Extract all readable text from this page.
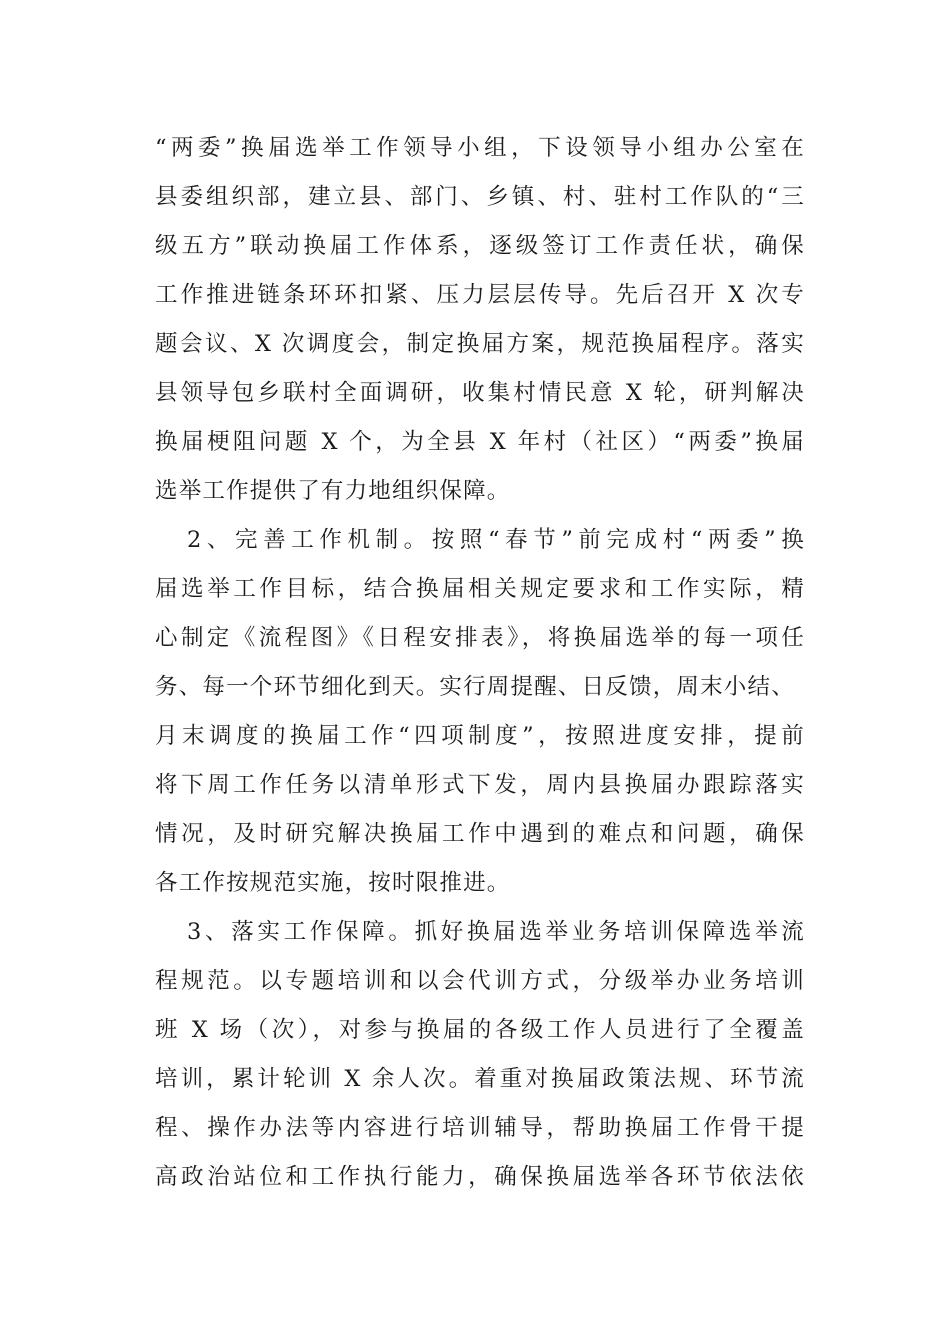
“两委”换届选举工作领导小组，下设领导小组办公室在
县委组织部，建立县、部门、乡镇、村、驻村工作队的“三
级五方”联动换届工作体系，逐级签订工作责任状，确保
工作推进链条环环扣紧、压力层层传导。先后召开 X 次专
题会议、X 次调度会，制定换届方案，规范换届程序。落实
县领导包乡联村全面调研，收集村情民意 X 轮，研判解决
换届梗阻问题 X 个，为全县 X 年村（社区）“两委”换届
选举工作提供了有力地组织保障。
2、完善工作机制。按照“春节”前完成村“两委”换
届选举工作目标，结合换届相关规定要求和工作实际，精
心制定《流程图》《日程安排表》，将换届选举的每一项任
务、每一个环节细化到天。实行周提醒、日反馈，周末小结、
月末调度的换届工作“四项制度”，按照进度安排，提前
将下周工作任务以清单形式下发，周内县换届办跟踪落实
情况，及时研究解决换届工作中遇到的难点和问题，确保
各工作按规范实施，按时限推进。
3、落实工作保障。抓好换届选举业务培训保障选举流
程规范。以专题培训和以会代训方式，分级举办业务培训
班 X 场（次），对参与换届的各级工作人员进行了全覆盖
培训，累计轮训 X 余人次。着重对换届政策法规、环节流
程、操作办法等内容进行培训辅导，帮助换届工作骨干提
高政治站位和工作执行能力，确保换届选举各环节依法依
